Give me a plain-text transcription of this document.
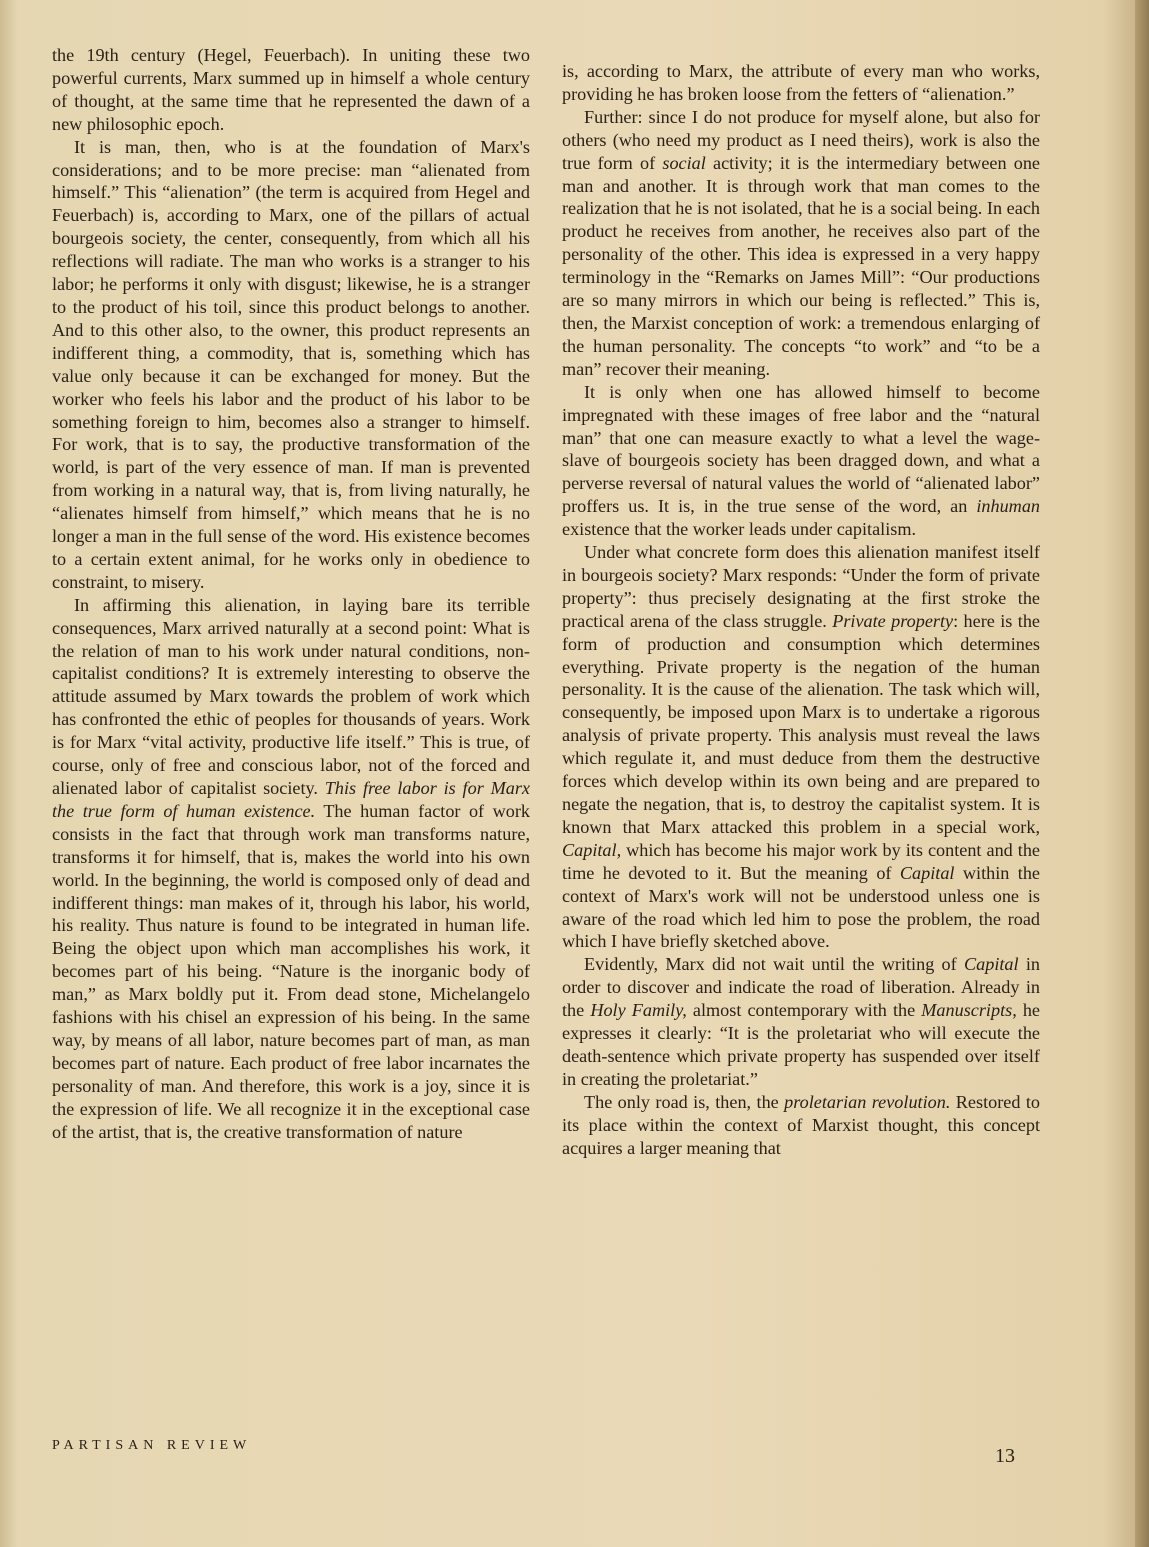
the 19th century (Hegel, Feuerbach). In uniting these two powerful currents, Marx summed up in himself a whole century of thought, at the same time that he represented the dawn of a new philosophic epoch.

It is man, then, who is at the foundation of Marx's considerations; and to be more precise: man “alienated from himself.” This “alienation” (the term is acquired from Hegel and Feuerbach) is, according to Marx, one of the pillars of actual bourgeois society, the center, consequently, from which all his reflections will radiate. The man who works is a stranger to his labor; he performs it only with disgust; likewise, he is a stranger to the product of his toil, since this product belongs to another. And to this other also, to the owner, this product represents an indifferent thing, a commodity, that is, something which has value only because it can be exchanged for money. But the worker who feels his labor and the product of his labor to be something foreign to him, becomes also a stranger to himself. For work, that is to say, the productive transformation of the world, is part of the very essence of man. If man is prevented from working in a natural way, that is, from living naturally, he “alienates himself from himself,” which means that he is no longer a man in the full sense of the word. His existence becomes to a certain extent animal, for he works only in obedience to constraint, to misery.

In affirming this alienation, in laying bare its terrible consequences, Marx arrived naturally at a second point: What is the relation of man to his work under natural conditions, non-capitalist conditions? It is extremely interesting to observe the attitude assumed by Marx towards the problem of work which has confronted the ethic of peoples for thousands of years. Work is for Marx “vital activity, productive life itself.” This is true, of course, only of free and conscious labor, not of the forced and alienated labor of capitalist society. This free labor is for Marx the true form of human existence. The human factor of work consists in the fact that through work man transforms nature, transforms it for himself, that is, makes the world into his own world. In the beginning, the world is composed only of dead and indifferent things: man makes of it, through his labor, his world, his reality. Thus nature is found to be integrated in human life. Being the object upon which man accomplishes his work, it becomes part of his being. “Nature is the inorganic body of man,” as Marx boldly put it. From dead stone, Michelangelo fashions with his chisel an expression of his being. In the same way, by means of all labor, nature becomes part of man, as man becomes part of nature. Each product of free labor incarnates the personality of man. And therefore, this work is a joy, since it is the expression of life. We all recognize it in the exceptional case of the artist, that is, the creative transformation of nature

is, according to Marx, the attribute of every man who works, providing he has broken loose from the fetters of “alienation.”

Further: since I do not produce for myself alone, but also for others (who need my product as I need theirs), work is also the true form of social activity; it is the intermediary between one man and another. It is through work that man comes to the realization that he is not isolated, that he is a social being. In each product he receives from another, he receives also part of the personality of the other. This idea is expressed in a very happy terminology in the “Remarks on James Mill”: “Our productions are so many mirrors in which our being is reflected.” This is, then, the Marxist conception of work: a tremendous enlarging of the human personality. The concepts “to work” and “to be a man” recover their meaning.

It is only when one has allowed himself to become impregnated with these images of free labor and the “natural man” that one can measure exactly to what a level the wage-slave of bourgeois society has been dragged down, and what a perverse reversal of natural values the world of “alienated labor” proffers us. It is, in the true sense of the word, an inhuman existence that the worker leads under capitalism.

Under what concrete form does this alienation manifest itself in bourgeois society? Marx responds: “Under the form of private property”: thus precisely designating at the first stroke the practical arena of the class struggle. Private property: here is the form of production and consumption which determines everything. Private property is the negation of the human personality. It is the cause of the alienation. The task which will, consequently, be imposed upon Marx is to undertake a rigorous analysis of private property. This analysis must reveal the laws which regulate it, and must deduce from them the destructive forces which develop within its own being and are prepared to negate the negation, that is, to destroy the capitalist system. It is known that Marx attacked this problem in a special work, Capital, which has become his major work by its content and the time he devoted to it. But the meaning of Capital within the context of Marx's work will not be understood unless one is aware of the road which led him to pose the problem, the road which I have briefly sketched above.

Evidently, Marx did not wait until the writing of Capital in order to discover and indicate the road of liberation. Already in the Holy Family, almost contemporary with the Manuscripts, he expresses it clearly: “It is the proletariat who will execute the death-sentence which private property has suspended over itself in creating the proletariat.”

The only road is, then, the proletarian revolution. Restored to its place within the context of Marxist thought, this concept acquires a larger meaning that

PARTISAN REVIEW	13
